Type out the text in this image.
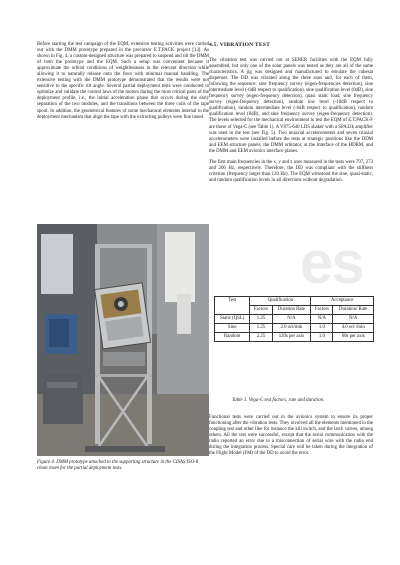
Before starting the test campaign of the EQM, extensive testing activities were carried out with the DMM prototype prepared in the precursor E.T.PACK project [13]. As shown in Fig. 4, a custom-designed structure was prepared to suspend and tilt the DMM of both the prototype and the EQM. Such a setup was convenient because it approximate the orbital conditions of weightlessness in the relevant direction while allowing it to naturally release onto the floor with minimal manual handling. The extensive testing with the DMM prototype demonstrated that the results were not sensitive to the specific tilt angle. Several partial deployment tests were conducted to optimize and validate the control laws of the motors during the most critical parts of the deployment profile, i.e., the initial acceleration phase that occurs during the early separation of the two modules, and the transitions between the three coils of the tape spool. In addition, the geometrical features of some mechanical elements internal to the deployment mechanism that align the tape with the extracting pulleys were fine tuned.

Figure 4. DMM prototype attached to the supporting structure in the CISAS ISO-8 clean room for the partial deployment tests.

4.5. VIBRATION TEST

The vibration test was carried out at SENER facilities with the EQM fully assembled, but only one of the solar panels was tested as they are all of the same characteristics. A jig was designed and manufactured to emulate the cubesat dispenser. The DD was vibrated along the three axes and, for each of them, following the sequence: sine frequency survey (eigen-frequencies detection), sine intermediate level (-6dB respect to qualification), sine qualification level (0dB), sine frequency survey (eigen-frequency detection), quasi static load, sine frequency survey (eigen-frequency detection), random low level (-10dB respect to qualification), random intermediate level (-6dB respect to qualification), random qualification level (0dB), and sine frequency survey (eigen-frequency detection). The levels selected for the mechanical environment to test the EQM of E.T.PACK-F are those of Vega-C (see Table 1). A V875-640 LDS shaker with a SPA32k amplifier was used in the test (see Fig. 5). Two uniaxial accelerometers and seven triaxial accelerometers were installed before the tests at strategic positions like the DDM and EEM structure panels, the DMM orbitator, at the interface of the HDRM, and the DMM and EEM avionics interface planes.

The first main frequencies in the x, y and z axes measured in the tests were 797, 273 and 206 Hz, respectively. Therefore, the DD was compliant with the stiffness criterion (frequency larger than 120 Hz). The EQM withstood the sine, quasi-static, and random qualification levels in all directions without degradation.

Test	Qualification		Acceptance	
	Factors	Duration Rate	Factors	Duration/ Rate
Static (QSL)	1.25	N/A	N/A	N/A
Sine	1.25	2.0 oct/min	1.0	4.0 oct /min
Random	2.25	120s per axis	1.0	60s per axis

Table 1. Vega-C test factors, rate and duration.

Functional tests were carried out in the avionics system to ensure its proper functioning after the vibration tests. They involved all the elements mentioned in the coupling test and other like for instance the kill switch, and the latch valves, among others. All the test were successful, except that the serial communication with the radio reported an error due to a misconnection of serial wire with the radio end during the integration process. Special care will be taken during the integration of the Flight Model (FM) of the DD to avoid the error.

es
